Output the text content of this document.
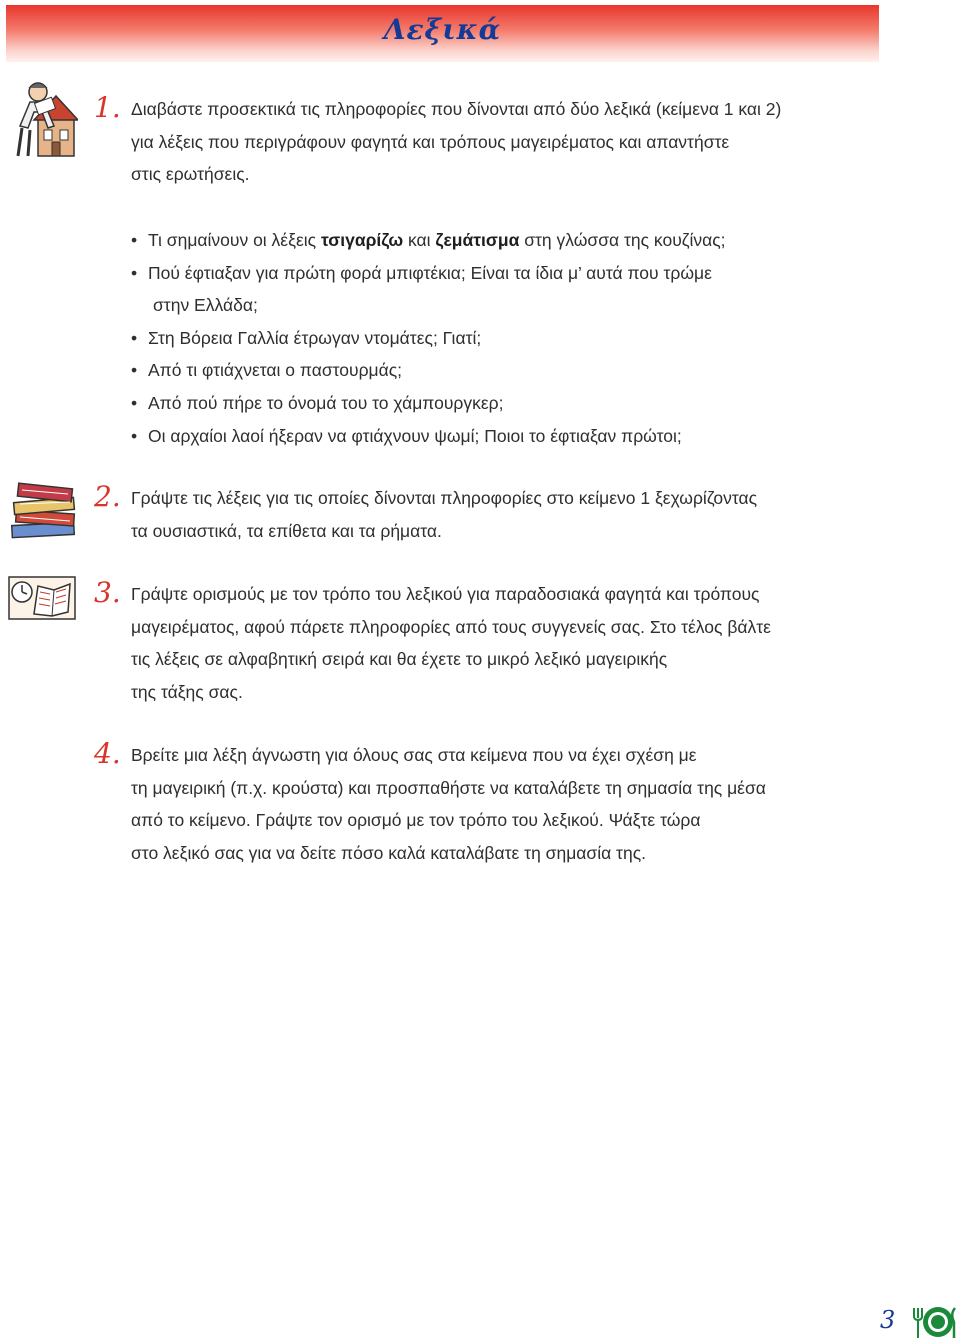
Λεξικά
1. Διαβάστε προσεκτικά τις πληροφορίες που δίνονται από δύο λεξικά (κείμενα 1 και 2)
για λέξεις που περιγράφουν φαγητά και τρόπους μαγειρέματος και απαντήστε
στις ερωτήσεις.
• Τι σημαίνουν οι λέξεις τσιγαρίζω και ζεμάτισμα στη γλώσσα της κουζίνας;
• Πού έφτιαξαν για πρώτη φορά μπιφτέκια; Είναι τα ίδια μ’ αυτά που τρώμε
στην Ελλάδα;
• Στη Βόρεια Γαλλία έτρωγαν ντομάτες; Γιατί;
• Από τι φτιάχνεται ο παστουρμάς;
• Από πού πήρε το όνομά του το χάμπουργκερ;
• Οι αρχαίοι λαοί ήξεραν να φτιάχνουν ψωμί; Ποιοι το έφτιαξαν πρώτοι;
2. Γράψτε τις λέξεις για τις οποίες δίνονται πληροφορίες στο κείμενο 1 ξεχωρίζοντας
τα ουσιαστικά, τα επίθετα και τα ρήματα.
3. Γράψτε ορισμούς με τον τρόπο του λεξικού για παραδοσιακά φαγητά και τρόπους
μαγειρέματος, αφού πάρετε πληροφορίες από τους συγγενείς σας. Στο τέλος βάλτε
τις λέξεις σε αλφαβητική σειρά και θα έχετε το μικρό λεξικό μαγειρικής
της τάξης σας.
4. Βρείτε μια λέξη άγνωστη για όλους σας στα κείμενα που να έχει σχέση με
τη μαγειρική (π.χ. κρούστα) και προσπαθήστε να καταλάβετε τη σημασία της μέσα
από το κείμενο. Γράψτε τον ορισμό με τον τρόπο του λεξικού. Ψάξτε τώρα
στο λεξικό σας για να δείτε πόσο καλά καταλάβατε τη σημασία της.
3
